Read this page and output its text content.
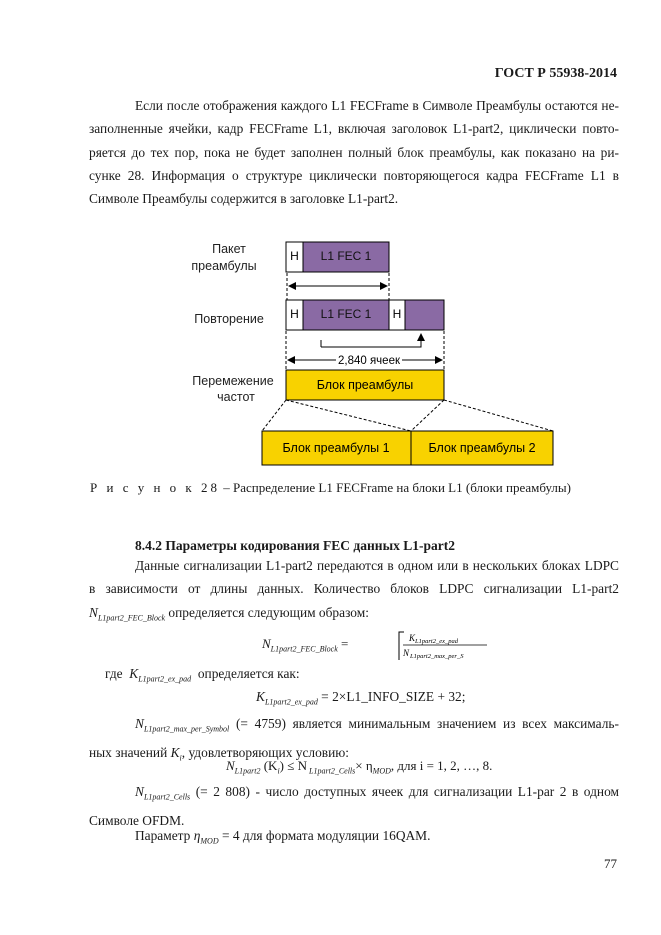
ГОСТ Р 55938-2014
Если после отображения каждого L1 FECFrame в Символе Преамбулы остаются не-
заполненные ячейки, кадр FECFrame L1, включая заголовок L1-part2, циклически повто-
ряется до тех пор, пока не будет заполнен полный блок преамбулы, как показано на ри-
сунке 28. Информация о структуре циклически повторяющегося кадра FECFrame L1 в
Символе Преамбулы содержится в заголовке L1-part2.
Пакет
преамбулы
Повторение
Перемежение
частот
H L1 FEC 1
H L1 FEC 1 H
2,840 ячеек
Блок преамбулы
Блок преамбулы 1	Блок преамбулы 2
Р и с у н о к 28 – Распределение L1 FECFrame на блоки L1 (блоки преамбулы)
8.4.2 Параметры кодирования FEC данных L1-part2
Данные сигнализации L1-part2 передаются в одном или в нескольких блоках LDPC
в зависимости от длины данных. Количество блоков LDPC сигнализации L1-part2
$N_{L1part2\_FEC\_Block}$ определяется следующим образом:
$N_{L1part2\_FEC\_Block}$ =	K L1part2_ex_pad
N L1part2_max_per_S
где $K_{L1part2\_ex\_pad}$ определяется как:
$K_{L1part2\_ex\_pad}$ = 2×L1_INFO_SIZE + 32;
$N_{L1part2\_max\_per\_Symbol}$ (= 4759) является минимальным значением из всех максималь-
ных значений $K_i$, удовлетворяющих условию:
$N_{L1part2}$ $(K_i) \le N$ $_{L1part2\_Cells}\times \eta_{MOD}$, для i = 1, 2, …, 8.
$N_{L1part2\_Cells}$ (= 2 808) - число доступных ячеек для сигнализации L1-par 2 в одном
Символе OFDM.
Параметр $\eta_{MOD} = 4$ для формата модуляции 16QAM.
77
